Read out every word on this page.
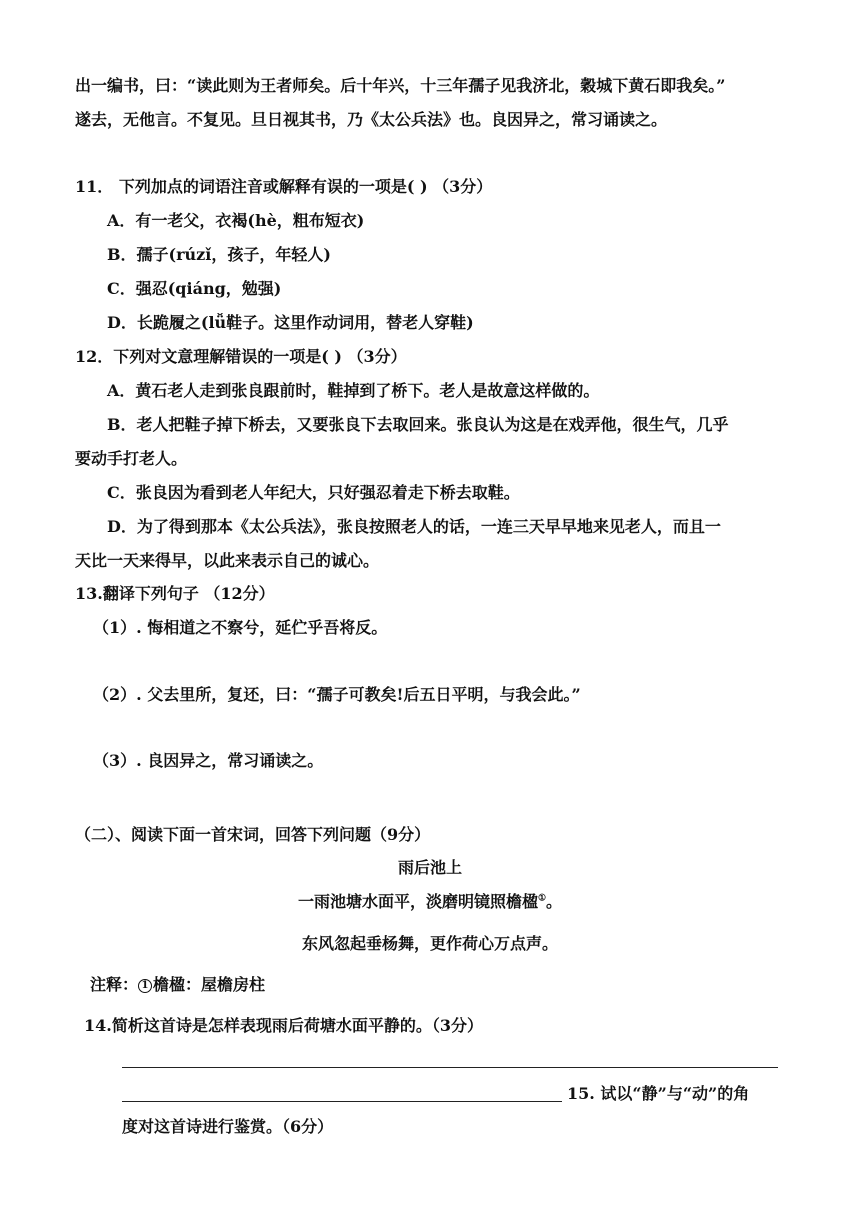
出一编书，曰：“读此则为王者师矣。后十年兴，十三年孺子见我济北，穀城下黄石即我矣。”
遂去，无他言。不复见。旦日视其书，乃《太公兵法》也。良因异之，常习诵读之。
11． 下列加点的词语注音或解释有误的一项是( ) （3分）
A．有一老父，衣褐(hè，粗布短衣)
B．孺子(rúzǐ，孩子，年轻人)
C．强忍(qiáng，勉强)
D．长跪履之(lǚ鞋子。这里作动词用，替老人穿鞋)
12．下列对文意理解错误的一项是( ) （3分）
A．黄石老人走到张良跟前时，鞋掉到了桥下。老人是故意这样做的。
B．老人把鞋子掉下桥去，又要张良下去取回来。张良认为这是在戏弄他，很生气，几乎
要动手打老人。
C．张良因为看到老人年纪大，只好强忍着走下桥去取鞋。
D．为了得到那本《太公兵法》，张良按照老人的话，一连三天早早地来见老人，而且一
天比一天来得早，以此来表示自己的诚心。
13.翻译下列句子 （12分）
（1）. 悔相道之不察兮，延伫乎吾将反。
（2）. 父去里所，复还，曰：“孺子可教矣!后五日平明，与我会此。”
（3）. 良因异之，常习诵读之。
（二）、阅读下面一首宋词，回答下列问题（9分）
雨后池上
一雨池塘水面平，淡磨明镜照檐楹①。
东风忽起垂杨舞，更作荷心万点声。
注释： 1 檐楹：屋檐房柱
14.简析这首诗是怎样表现雨后荷塘水面平静的。（3分）
15. 试以“静”与“动”的角
度对这首诗进行鉴赏。（6分）
